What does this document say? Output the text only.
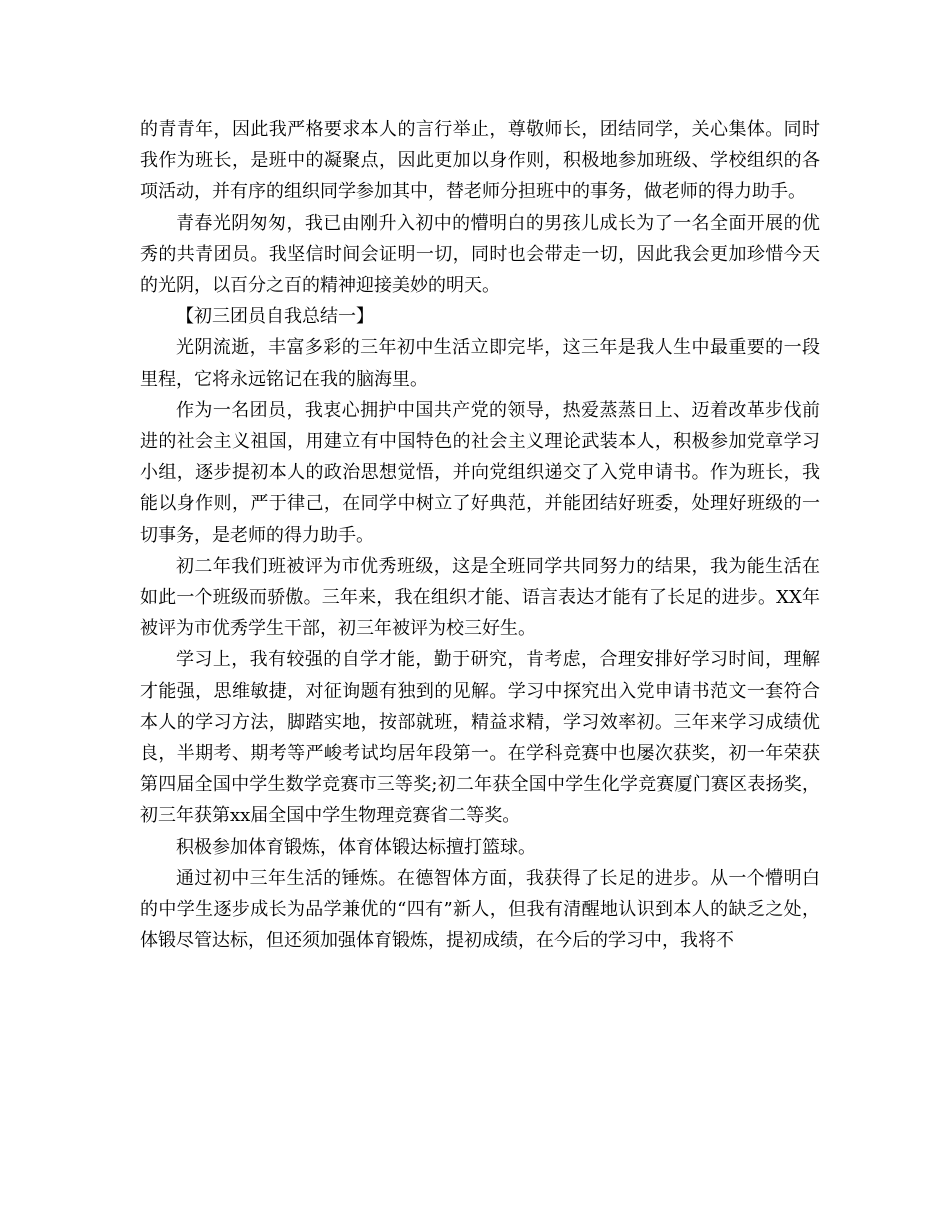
的青青年，因此我严格要求本人的言行举止，尊敬师长，团结同学，关心集体。同时我作为班长，是班中的凝聚点，因此更加以身作则，积极地参加班级、学校组织的各项活动，并有序的组织同学参加其中，替老师分担班中的事务，做老师的得力助手。

青春光阴匆匆，我已由刚升入初中的懵明白的男孩儿成长为了一名全面开展的优秀的共青团员。我坚信时间会证明一切，同时也会带走一切，因此我会更加珍惜今天的光阴，以百分之百的精神迎接美妙的明天。

【初三团员自我总结一】

光阴流逝，丰富多彩的三年初中生活立即完毕，这三年是我人生中最重要的一段里程，它将永远铭记在我的脑海里。

作为一名团员，我衷心拥护中国共产党的领导，热爱蒸蒸日上、迈着改革步伐前进的社会主义祖国，用建立有中国特色的社会主义理论武装本人，积极参加党章学习小组，逐步提初本人的政治思想觉悟，并向党组织递交了入党申请书。作为班长，我能以身作则，严于律己，在同学中树立了好典范，并能团结好班委，处理好班级的一切事务，是老师的得力助手。

初二年我们班被评为市优秀班级，这是全班同学共同努力的结果，我为能生活在如此一个班级而骄傲。三年来，我在组织才能、语言表达才能有了长足的进步。XX年被评为市优秀学生干部，初三年被评为校三好生。

学习上，我有较强的自学才能，勤于研究，肯考虑，合理安排好学习时间，理解才能强，思维敏捷，对征询题有独到的见解。学习中探究出入党申请书范文一套符合本人的学习方法，脚踏实地，按部就班，精益求精，学习效率初。三年来学习成绩优良，半期考、期考等严峻考试均居年段第一。在学科竞赛中也屡次获奖，初一年荣获第四届全国中学生数学竞赛市三等奖;初二年获全国中学生化学竞赛厦门赛区表扬奖，初三年获第xx届全国中学生物理竞赛省二等奖。

积极参加体育锻炼，体育体锻达标擅打篮球。

通过初中三年生活的锤炼。在德智体方面，我获得了长足的进步。从一个懵明白的中学生逐步成长为品学兼优的“四有”新人，但我有清醒地认识到本人的缺乏之处，体锻尽管达标，但还须加强体育锻炼，提初成绩，在今后的学习中，我将不
